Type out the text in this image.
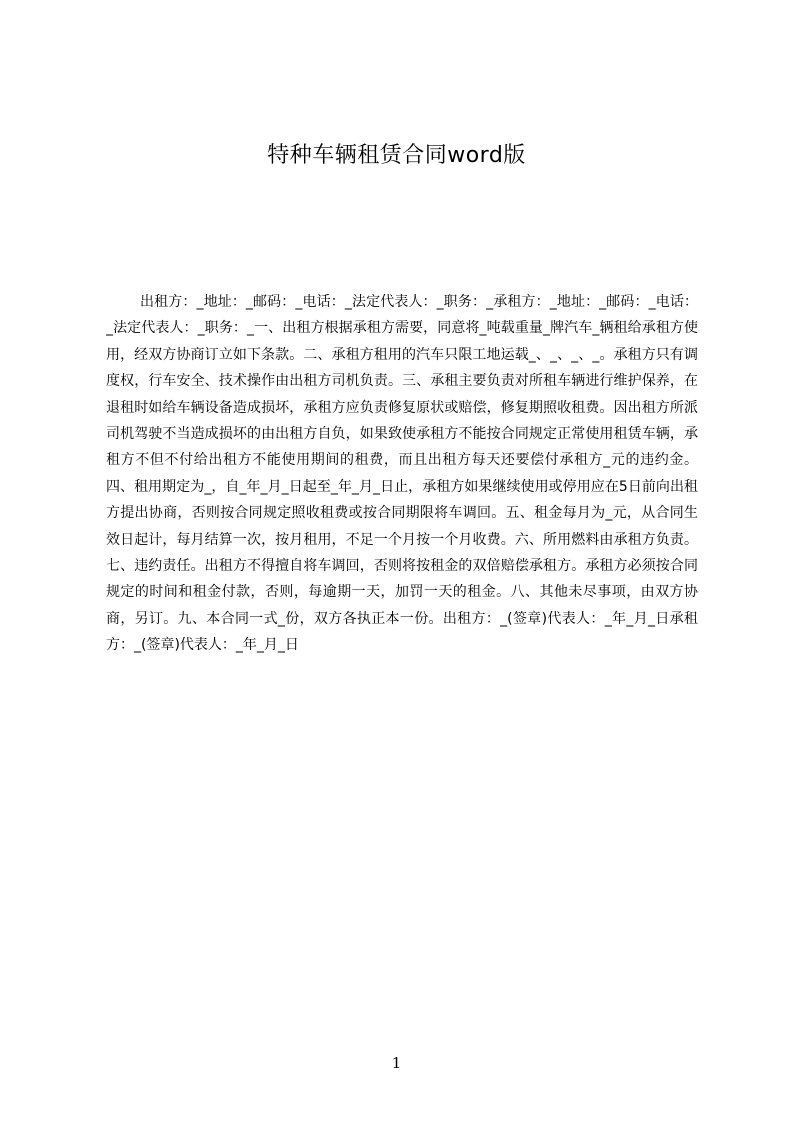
特种车辆租赁合同word版
出租方：_地址：_邮码：_电话：_法定代表人：_职务：_承租方：_地址：_邮码：_电话：_法定代表人：_职务：_一、出租方根据承租方需要，同意将_吨载重量_牌汽车_辆租给承租方使用，经双方协商订立如下条款。二、承租方租用的汽车只限工地运载_、_、_、_。承租方只有调度权，行车安全、技术操作由出租方司机负责。三、承租主要负责对所租车辆进行维护保养，在退租时如给车辆设备造成损坏，承租方应负责修复原状或赔偿，修复期照收租费。因出租方所派司机驾驶不当造成损坏的由出租方自负，如果致使承租方不能按合同规定正常使用租赁车辆，承租方不但不付给出租方不能使用期间的租费，而且出租方每天还要偿付承租方_元的违约金。四、租用期定为_，自_年_月_日起至_年_月_日止，承租方如果继续使用或停用应在5日前向出租方提出协商，否则按合同规定照收租费或按合同期限将车调回。五、租金每月为_元，从合同生效日起计，每月结算一次，按月租用，不足一个月按一个月收费。六、所用燃料由承租方负责。七、违约责任。出租方不得擅自将车调回，否则将按租金的双倍赔偿承租方。承租方必须按合同规定的时间和租金付款，否则，每逾期一天，加罚一天的租金。八、其他未尽事项，由双方协商，另订。九、本合同一式_份，双方各执正本一份。出租方：_(签章)代表人：_年_月_日承租方：_(签章)代表人：_年_月_日
1
